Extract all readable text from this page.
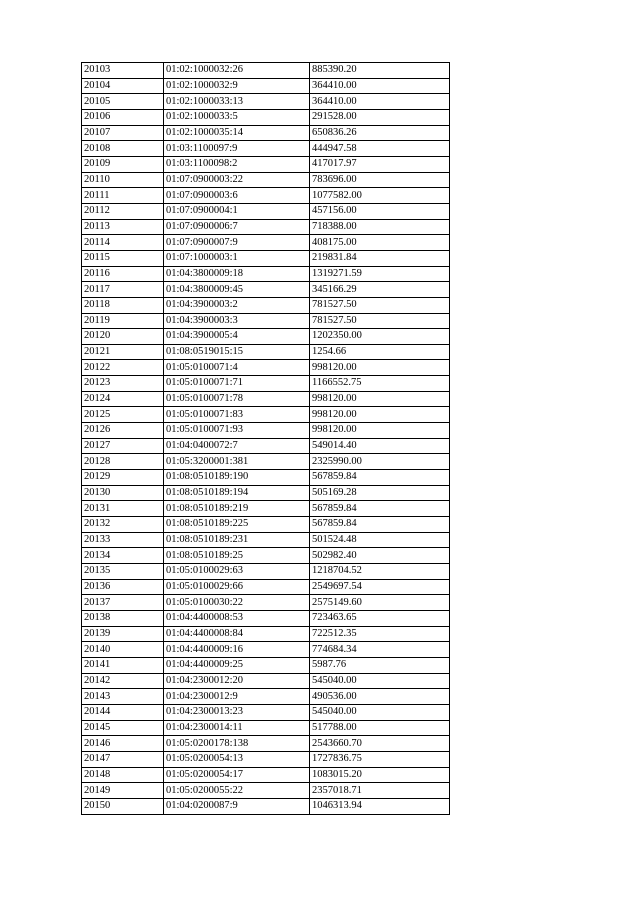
20103	01:02:1000032:26	885390.20
20104	01:02:1000032:9	364410.00
20105	01:02:1000033:13	364410.00
20106	01:02:1000033:5	291528.00
20107	01:02:1000035:14	650836.26
20108	01:03:1100097:9	444947.58
20109	01:03:1100098:2	417017.97
20110	01:07:0900003:22	783696.00
20111	01:07:0900003:6	1077582.00
20112	01:07:0900004:1	457156.00
20113	01:07:0900006:7	718388.00
20114	01:07:0900007:9	408175.00
20115	01:07:1000003:1	219831.84
20116	01:04:3800009:18	1319271.59
20117	01:04:3800009:45	345166.29
20118	01:04:3900003:2	781527.50
20119	01:04:3900003:3	781527.50
20120	01:04:3900005:4	1202350.00
20121	01:08:0519015:15	1254.66
20122	01:05:0100071:4	998120.00
20123	01:05:0100071:71	1166552.75
20124	01:05:0100071:78	998120.00
20125	01:05:0100071:83	998120.00
20126	01:05:0100071:93	998120.00
20127	01:04:0400072:7	549014.40
20128	01:05:3200001:381	2325990.00
20129	01:08:0510189:190	567859.84
20130	01:08:0510189:194	505169.28
20131	01:08:0510189:219	567859.84
20132	01:08:0510189:225	567859.84
20133	01:08:0510189:231	501524.48
20134	01:08:0510189:25	502982.40
20135	01:05:0100029:63	1218704.52
20136	01:05:0100029:66	2549697.54
20137	01:05:0100030:22	2575149.60
20138	01:04:4400008:53	723463.65
20139	01:04:4400008:84	722512.35
20140	01:04:4400009:16	774684.34
20141	01:04:4400009:25	5987.76
20142	01:04:2300012:20	545040.00
20143	01:04:2300012:9	490536.00
20144	01:04:2300013:23	545040.00
20145	01:04:2300014:11	517788.00
20146	01:05:0200178:138	2543660.70
20147	01:05:0200054:13	1727836.75
20148	01:05:0200054:17	1083015.20
20149	01:05:0200055:22	2357018.71
20150	01:04:0200087:9	1046313.94
